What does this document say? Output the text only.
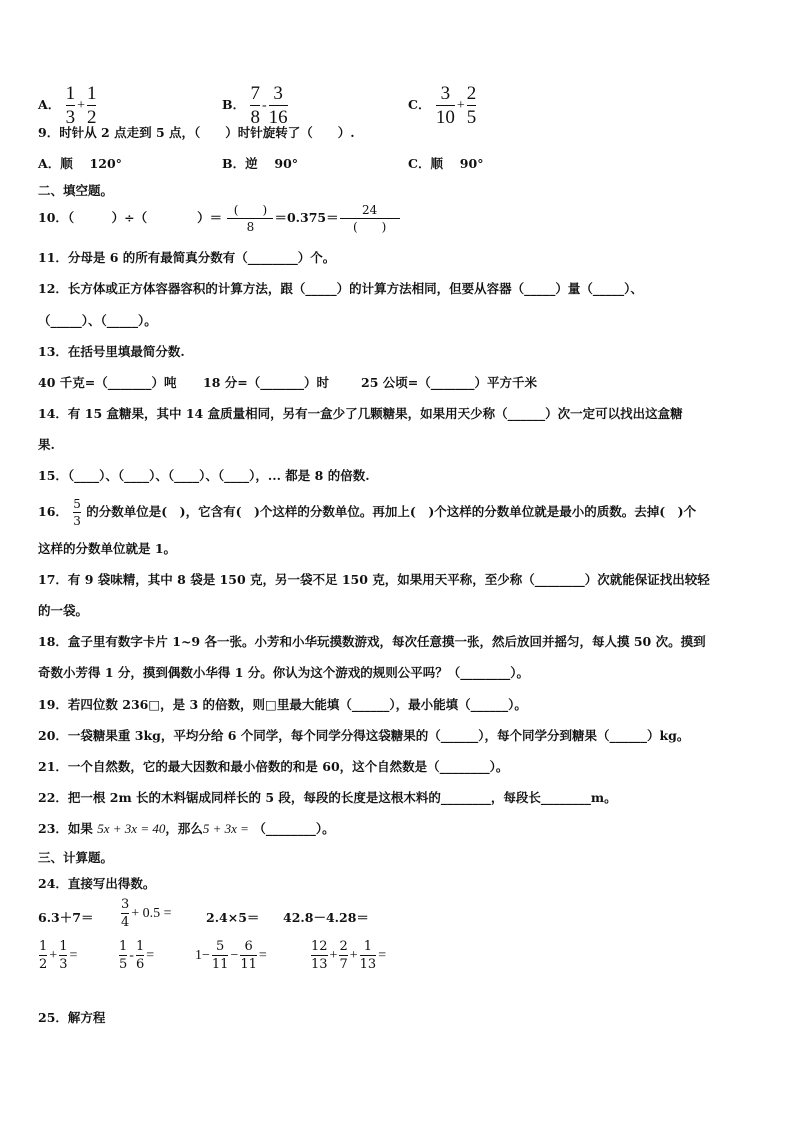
A． $\frac{1}{3} + \frac{1}{2}$	B． $\frac{7}{8} - \frac{3}{16}$	C． $\frac{3}{10} + \frac{2}{5}$
9．时针从 2 点走到 5 点，（　　）时针旋转了（　　）.
A．顺　 120°	B．逆　 90°	C．顺　 90°
二、填空题。
10．（　　　）÷（　　　　）＝ $\frac{( )}{8} =0.375= \frac{24}{( )}$
11．分母是 6 的所有最简真分数有（________）个。
12．长方体或正方体容器容积的计算方法，跟（_____）的计算方法相同，但要从容器（_____）量（_____）、
（_____）、（_____）。
13．在括号里填最简分数.
40 千克=（_______）吨 18 分=（_______）时	25 公顷=（_______）平方千米
14．有 15 盒糖果，其中 14 盒质量相同，另有一盒少了几颗糖果，如果用天少称（______）次一定可以找出这盒糖
果.
15．（____）、（____）、（____）、（____），... 都是 8 的倍数.
16． $\frac{5}{3}$ 的分数单位是(　)，它含有(　)个这样的分数单位。再加上(　)个这样的分数单位就是最小的质数。去掉(　)个
这样的分数单位就是 1。
17．有 9 袋味精，其中 8 袋是 150 克，另一袋不足 150 克，如果用天平称，至少称（________）次就能保证找出较轻
的一袋。
18．盒子里有数字卡片 1~9 各一张。小芳和小华玩摸数游戏，每次任意摸一张，然后放回并摇匀，每人摸 50 次。摸到
奇数小芳得 1 分，摸到偶数小华得 1 分。你认为这个游戏的规则公平吗？（________）。
19．若四位数 236□，是 3 的倍数，则□里最大能填（______），最小能填（______）。
20．一袋糖果重 3kg，平均分给 6 个同学，每个同学分得这袋糖果的（______），每个同学分到糖果（______）kg。
21．一个自然数，它的最大因数和最小倍数的和是 60，这个自然数是（________）。
22．把一根 2m 长的木料锯成同样长的 5 段，每段的长度是这根木料的________，每段长________m。
23．如果 5x + 3x = 40，那么5 + 3x = （________）。
三、计算题。
24．直接写出得数。
$6.3+7= \frac{3}{4} + 0.5$ =	2.4×5＝ 42.8－4.28＝
$\frac{1}{2} + \frac{1}{3}$ =	$\frac{1}{5} - \frac{1}{6}$ =	$1- \frac{5}{11} - \frac{6}{11}$ =	$\frac{12}{13} + \frac{2}{7} + \frac{1}{13}$ =
25．解方程
